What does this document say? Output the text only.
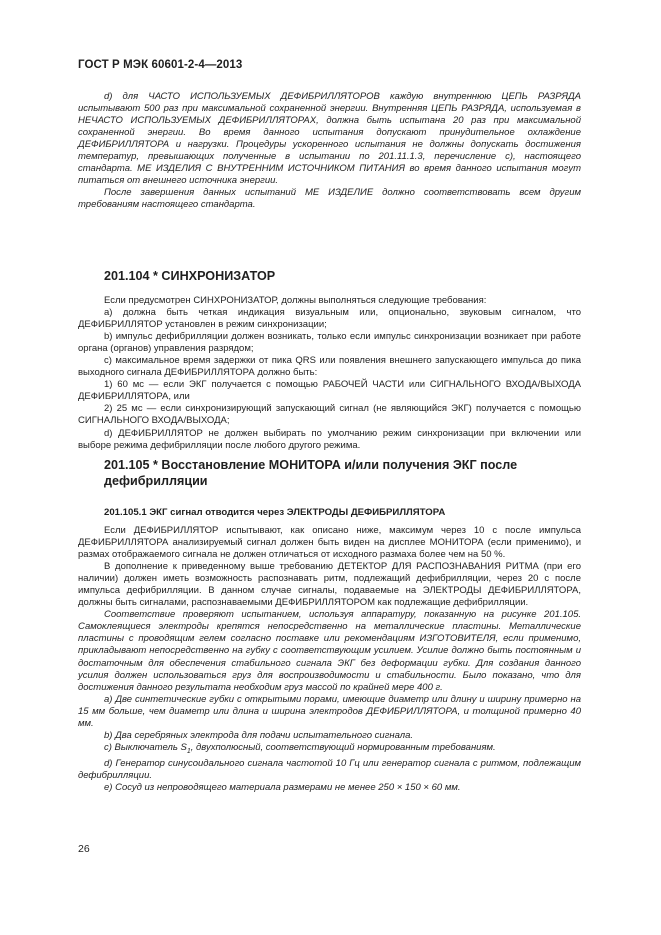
ГОСТ Р МЭК 60601-2-4—2013

d) для ЧАСТО ИСПОЛЬЗУЕМЫХ ДЕФИБРИЛЛЯТОРОВ каждую внутреннюю ЦЕПЬ РАЗРЯДА испытывают 500 раз при максимальной сохраненной энергии. Внутренняя ЦЕПЬ РАЗРЯДА, используемая в НЕЧАСТО ИСПОЛЬЗУЕМЫХ ДЕФИБРИЛЛЯТОРАХ, должна быть испытана 20 раз при максимальной сохраненной энергии. Во время данного испытания допускают принудительное охлаждение ДЕФИБРИЛЛЯТОРА и нагрузки. Процедуры ускоренного испытания не должны допускать достижения температур, превышающих полученные в испытании по 201.11.1.3, перечисление с), настоящего стандарта. МЕ ИЗДЕЛИЯ С ВНУТРЕННИМ ИСТОЧНИКОМ ПИТАНИЯ во время данного испытания могут питаться от внешнего источника энергии.

После завершения данных испытаний МЕ ИЗДЕЛИЕ должно соответствовать всем другим требованиям настоящего стандарта.

201.104 * СИНХРОНИЗАТОР

Если предусмотрен СИНХРОНИЗАТОР, должны выполняться следующие требования:

a) должна быть четкая индикация визуальным или, опционально, звуковым сигналом, что ДЕФИБРИЛЛЯТОР установлен в режим синхронизации;

b) импульс дефибрилляции должен возникать, только если импульс синхронизации возникает при работе органа (органов) управления разрядом;

с) максимальное время задержки от пика QRS или появления внешнего запускающего импульса до пика выходного сигнала ДЕФИБРИЛЛЯТОРА должно быть:

1) 60 мс — если ЭКГ получается с помощью РАБОЧЕЙ ЧАСТИ или СИГНАЛЬНОГО ВХОДА/ВЫХОДА ДЕФИБРИЛЛЯТОРА, или

2) 25 мс — если синхронизирующий запускающий сигнал (не являющийся ЭКГ) получается с помощью СИГНАЛЬНОГО ВХОДА/ВЫХОДА;

d) ДЕФИБРИЛЛЯТОР не должен выбирать по умолчанию режим синхронизации при включении или выборе режима дефибрилляции после любого другого режима.

201.105 * Восстановление МОНИТОРА и/или получения ЭКГ после дефибрилляции
201.105.1 ЭКГ сигнал отводится через ЭЛЕКТРОДЫ ДЕФИБРИЛЛЯТОРА

Если ДЕФИБРИЛЛЯТОР испытывают, как описано ниже, максимум через 10 с после импульса ДЕФИБРИЛЛЯТОРА анализируемый сигнал должен быть виден на дисплее МОНИТОРА (если применимо), и размах отображаемого сигнала не должен отличаться от исходного размаха более чем на 50 %.

В дополнение к приведенному выше требованию ДЕТЕКТОР ДЛЯ РАСПОЗНАВАНИЯ РИТМА (при его наличии) должен иметь возможность распознавать ритм, подлежащий дефибрилляции, через 20 с после импульса дефибрилляции. В данном случае сигналы, подаваемые на ЭЛЕКТРОДЫ ДЕФИБРИЛЛЯТОРА, должны быть сигналами, распознаваемыми ДЕФИБРИЛЛЯТОРОМ как подлежащие дефибрилляции.

Соответствие проверяют испытанием, используя аппаратуру, показанную на рисунке 201.105. Самоклеящиеся электроды крепятся непосредственно на металлические пластины. Металлические пластины с проводящим гелем согласно поставке или рекомендациям ИЗГОТОВИТЕЛЯ, если применимо, прикладывают непосредственно на губку с соответствующим усилием. Усилие должно быть постоянным и достаточным для обеспечения стабильного сигнала ЭКГ без деформации губки. Для создания данного усилия должен использоваться груз для воспроизводимости и стабильности. Было показано, что для достижения данного результата необходим груз массой по крайней мере 400 г.

a) Две синтетические губки с открытыми порами, имеющие диаметр или длину и ширину примерно на 15 мм больше, чем диаметр или длина и ширина электродов ДЕФИБРИЛЛЯТОРА, и толщиной примерно 40 мм.

b) Два серебряных электрода для подачи испытательного сигнала.

c) Выключатель $S_1$, двухполюсный, соответствующий нормированным требованиям.

d) Генератор синусоидального сигнала частотой 10 Гц или генератор сигнала с ритмом, подлежащим дефибрилляции.

e) Сосуд из непроводящего материала размерами не менее 250 × 150 × 60 мм.

26
